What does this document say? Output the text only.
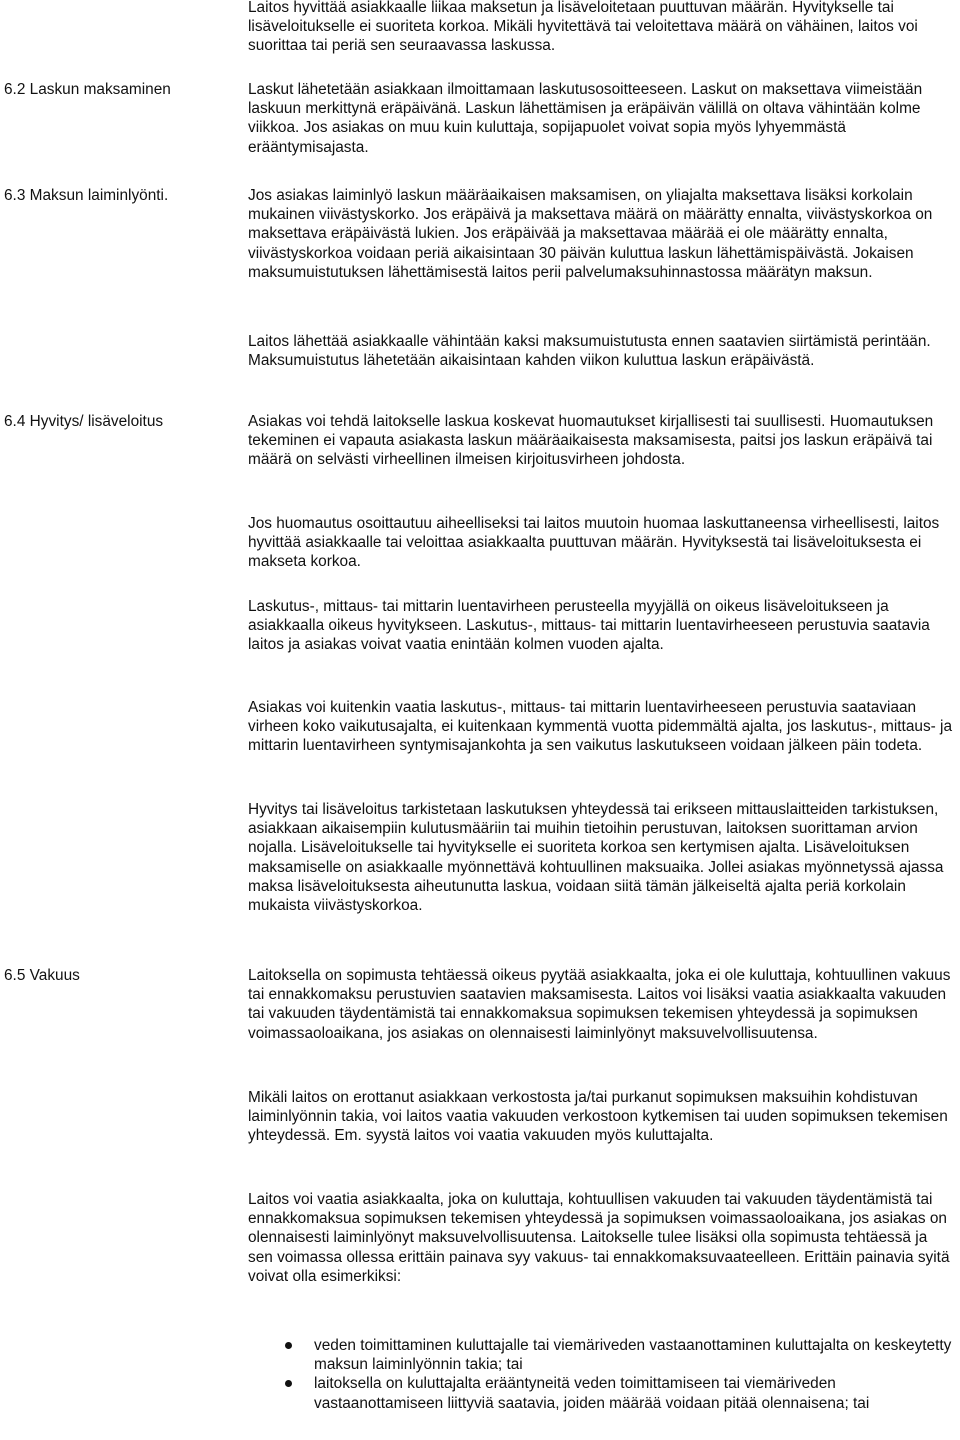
Laitos hyvittää asiakkaalle liikaa maksetun ja lisäveloitetaan puuttuvan määrän. Hyvitykselle tai lisäveloitukselle ei suoriteta korkoa. Mikäli hyvitettävä tai veloitettava määrä on vähäinen, laitos voi suorittaa tai periä sen seuraavassa laskussa.

6.2 Laskun maksaminen	Laskut lähetetään asiakkaan ilmoittamaan laskutusosoitteeseen. Laskut on maksettava viimeistään laskuun merkittynä eräpäivänä. Laskun lähettämisen ja eräpäivän välillä on oltava vähintään kolme viikkoa. Jos asiakas on muu kuin kuluttaja, sopijapuolet voivat sopia myös lyhyemmästä erääntymisajasta.

6.3 Maksun laiminlyönti.	Jos asiakas laiminlyö laskun määräaikaisen maksamisen, on yliajalta maksettava lisäksi korkolain mukainen viivästyskorko. Jos eräpäivä ja maksettava määrä on määrätty ennalta, viivästyskorkoa on maksettava eräpäivästä lukien. Jos eräpäivää ja maksettavaa määrää ei ole määrätty ennalta, viivästyskorkoa voidaan periä aikaisintaan 30 päivän kuluttua laskun lähettämispäivästä. Jokaisen maksumuistutuksen lähettämisestä laitos perii palvelumaksuhinnastossa määrätyn maksun.

Laitos lähettää asiakkaalle vähintään kaksi maksumuistutusta ennen saatavien siirtämistä perintään. Maksumuistutus lähetetään aikaisintaan kahden viikon kuluttua laskun eräpäivästä.

6.4 Hyvitys/ lisäveloitus	Asiakas voi tehdä laitokselle laskua koskevat huomautukset kirjallisesti tai suullisesti. Huomautuksen tekeminen ei vapauta asiakasta laskun määräaikaisesta maksamisesta, paitsi jos laskun eräpäivä tai määrä on selvästi virheellinen ilmeisen kirjoitusvirheen johdosta.

Jos huomautus osoittautuu aiheelliseksi tai laitos muutoin huomaa laskuttaneensa virheellisesti, laitos hyvittää asiakkaalle tai veloittaa asiakkaalta puuttuvan määrän. Hyvityksestä tai lisäveloituksesta ei makseta korkoa.

Laskutus-, mittaus- tai mittarin luentavirheen perusteella myyjällä on oikeus lisäveloitukseen ja asiakkaalla oikeus hyvitykseen. Laskutus-, mittaus- tai mittarin luentavirheeseen perustuvia saatavia laitos ja asiakas voivat vaatia enintään kolmen vuoden ajalta.

Asiakas voi kuitenkin vaatia laskutus-, mittaus- tai mittarin luentavirheeseen perustuvia saataviaan virheen koko vaikutusajalta, ei kuitenkaan kymmentä vuotta pidemmältä ajalta, jos laskutus-, mittaus- ja mittarin luentavirheen syntymisajankohta ja sen vaikutus laskutukseen voidaan jälkeen päin todeta.

Hyvitys tai lisäveloitus tarkistetaan laskutuksen yhteydessä tai erikseen mittauslaitteiden tarkistuksen, asiakkaan aikaisempiin kulutusmääriin tai muihin tietoihin perustuvan, laitoksen suorittaman arvion nojalla. Lisäveloitukselle tai hyvitykselle ei suoriteta korkoa sen kertymisen ajalta. Lisäveloituksen maksamiselle on asiakkaalle myönnettävä kohtuullinen maksuaika. Jollei asiakas myönnetyssä ajassa maksa lisäveloituksesta aiheutunutta laskua, voidaan siitä tämän jälkeiseltä ajalta periä korkolain mukaista viivästyskorkoa.

6.5 Vakuus	Laitoksella on sopimusta tehtäessä oikeus pyytää asiakkaalta, joka ei ole kuluttaja, kohtuullinen vakuus tai ennakkomaksu perustuvien saatavien maksamisesta. Laitos voi lisäksi vaatia asiakkaalta vakuuden tai vakuuden täydentämistä tai ennakkomaksua sopimuksen tekemisen yhteydessä ja sopimuksen voimassaoloaikana, jos asiakas on olennaisesti laiminlyönyt maksuvelvollisuutensa.

Mikäli laitos on erottanut asiakkaan verkostosta ja/tai purkanut sopimuksen maksuihin kohdistuvan laiminlyönnin takia, voi laitos vaatia vakuuden verkostoon kytkemisen tai uuden sopimuksen tekemisen yhteydessä. Em. syystä laitos voi vaatia vakuuden myös kuluttajalta.

Laitos voi vaatia asiakkaalta, joka on kuluttaja, kohtuullisen vakuuden tai vakuuden täydentämistä tai ennakkomaksua sopimuksen tekemisen yhteydessä ja sopimuksen voimassaoloaikana, jos asiakas on olennaisesti laiminlyönyt maksuvelvollisuutensa. Laitokselle tulee lisäksi olla sopimusta tehtäessä ja sen voimassa ollessa erittäin painava syy vakuus- tai ennakkomaksuvaateelleen. Erittäin painavia syitä voivat olla esimerkiksi:

veden toimittaminen kuluttajalle tai viemäriveden vastaanottaminen kuluttajalta on keskeytetty maksun laiminlyönnin takia; tai
laitoksella on kuluttajalta erääntyneitä veden toimittamiseen tai viemäriveden vastaanottamiseen liittyviä saatavia, joiden määrää voidaan pitää olennaisena; tai
